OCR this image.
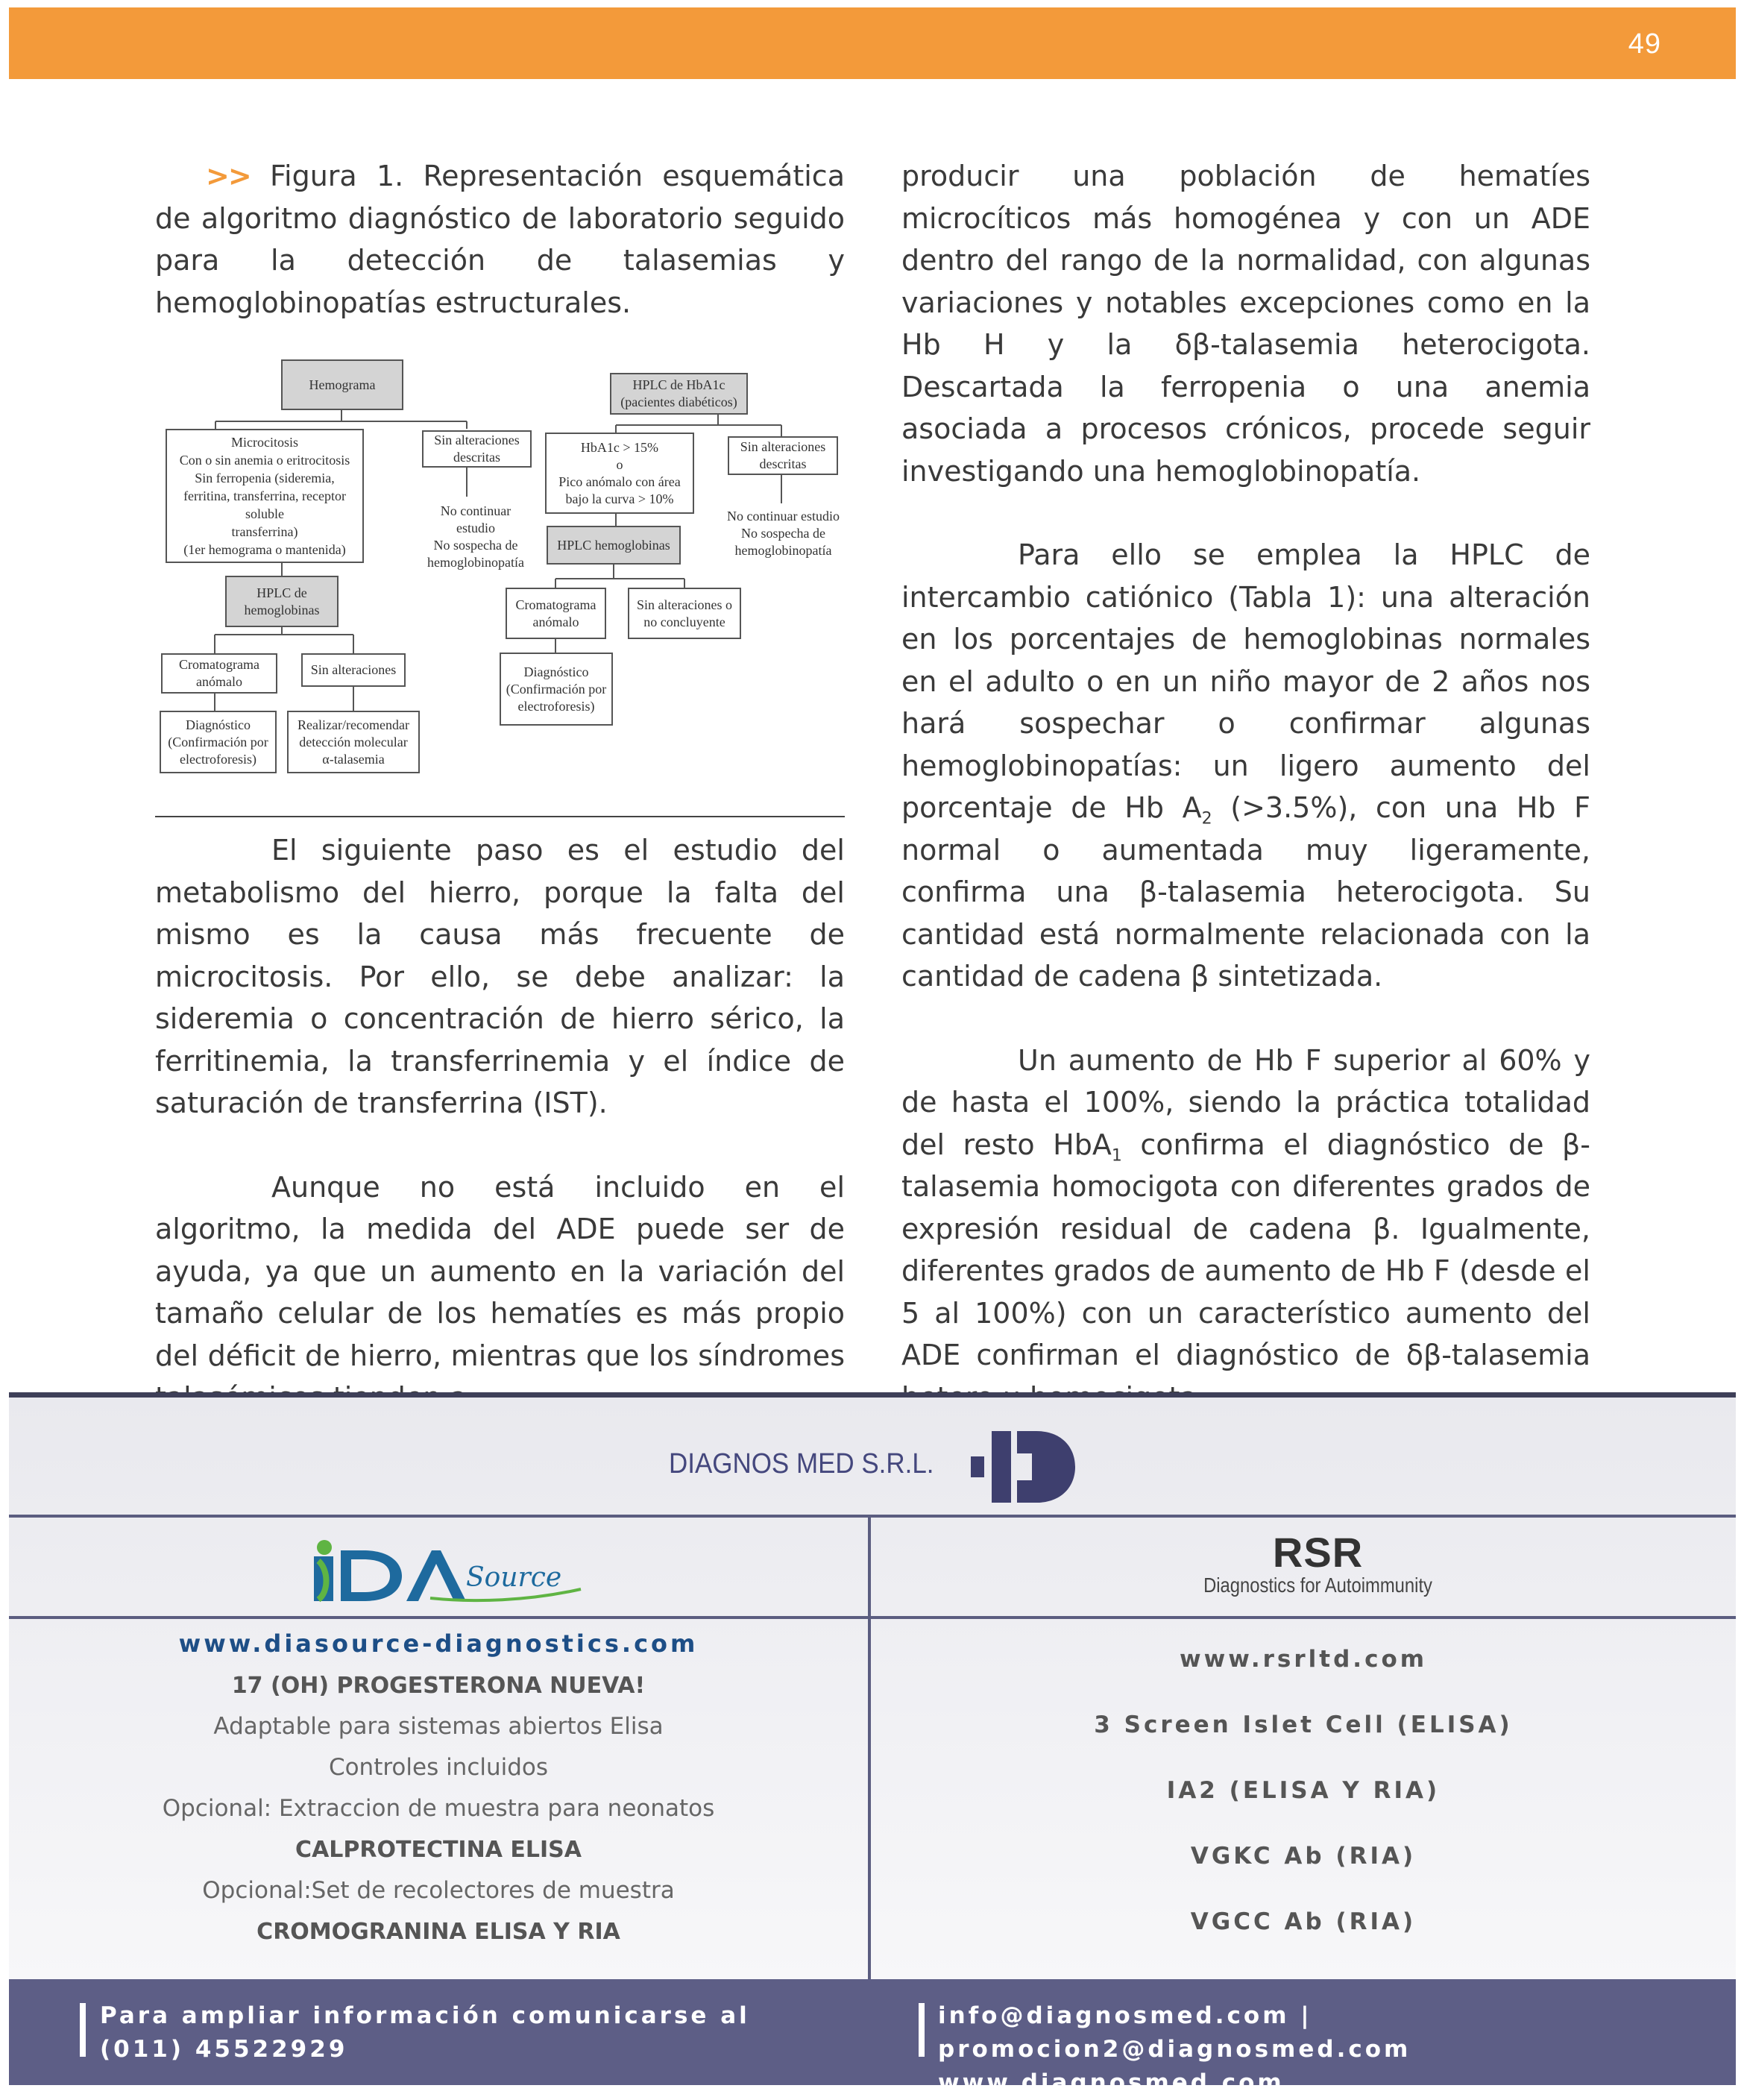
49

>> Figura 1. Representación esquemática de algoritmo diagnóstico de laboratorio seguido para la detección de talasemias y hemoglobinopatías estructurales.

Hemograma
Microcitosis
Con o sin anemia o eritrocitosis
Sin ferropenia (sideremia,
ferritina, transferrina, receptor
soluble
transferrina)
(1er hemograma o mantenida)
Sin alteraciones
descritas
No continuar
estudio
No sospecha de
hemoglobinopatía
HPLC de
hemoglobinas
Cromatograma
anómalo
Sin alteraciones
Diagnóstico
(Confirmación por
electroforesis)
Realizar/recomendar
detección molecular
α-talasemia
HPLC de HbA1c
(pacientes diabéticos)
HbA1c > 15%
o
Pico anómalo con área
bajo la curva > 10%
Sin alteraciones
descritas
No continuar estudio
No sospecha de
hemoglobinopatía
HPLC hemoglobinas
Cromatograma
anómalo
Sin alteraciones o
no concluyente
Diagnóstico
(Confirmación por
electroforesis)

El siguiente paso es el estudio del metabolismo del hierro, porque la falta del mismo es la causa más frecuente de microcitosis. Por ello, se debe analizar: la sideremia o concentración de hierro sérico, la ferritinemia, la transferrinemia y el índice de saturación de transferrina (IST).

Aunque no está incluido en el algoritmo, la medida del ADE puede ser de ayuda, ya que un aumento en la variación del tamaño celular de los hematíes es más propio del déficit de hierro, mientras que los síndromes

producir una población de hematíes microcíticos más homogénea y con un ADE dentro del rango de la normalidad, con algunas variaciones y notables excepciones como en la Hb H y la δβ-talasemia heterocigota. Descartada la ferropenia o una anemia asociada a procesos crónicos, procede seguir investigando una hemoglobinopatía.

Para ello se emplea la HPLC de intercambio catiónico (Tabla 1): una alteración en los porcentajes de hemoglobinas normales en el adulto o en un niño mayor de 2 años nos hará sospechar o confirmar algunas hemoglobinopatías: un ligero aumento del porcentaje de Hb $A_2$ (>3.5%), con una Hb F normal o aumentada muy ligeramente, confirma una β-talasemia heterocigota. Su cantidad está normalmente relacionada con la cantidad de cadena β sintetizada.

Un aumento de Hb F superior al 60% y de hasta el 100%, siendo la práctica totalidad del resto HbA$_1$ confirma el diagnóstico de β-talasemia homocigota con diferentes grados de expresión residual de cadena β. Igualmente, diferentes grados de aumento de Hb F (desde el 5 al 100%) con un característico aumento del ADE confirman el diagnóstico de δβ-talasemia

DIAGNOS MED S.R.L.
Source
RSR
Diagnostics for Autoimmunity
www.diasource-diagnostics.com
17 (OH) PROGESTERONA NUEVA!
Adaptable para sistemas abiertos Elisa
Controles incluidos
Opcional: Extraccion de muestra para neonatos
CALPROTECTINA ELISA
Opcional:Set de recolectores de muestra
CROMOGRANINA ELISA Y RIA
www.rsrltd.com
3 Screen Islet Cell (ELISA)
IA2 (ELISA Y RIA)
VGKC Ab (RIA)
VGCC Ab (RIA)
Para ampliar información comunicarse al
(011) 45522929
info@diagnosmed.com | promocion2@diagnosmed.com
www.diagnosmed.com
